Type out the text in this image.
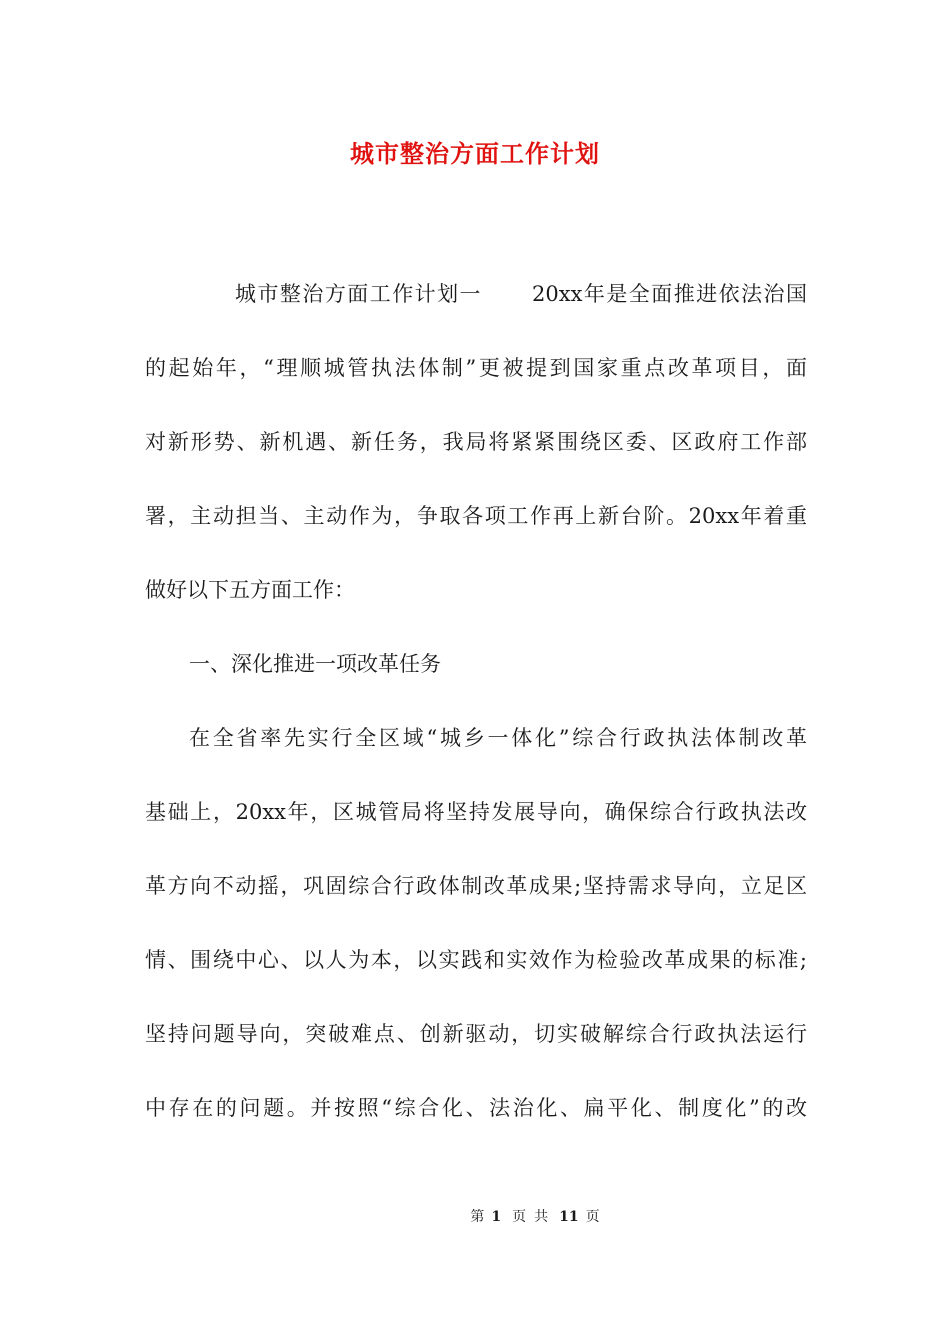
城市整治方面工作计划
城市整治方面工作计划一 20xx年是全面推进依法治国
的起始年，“理顺城管执法体制”更被提到国家重点改革项目，面
对新形势、新机遇、新任务，我局将紧紧围绕区委、区政府工作部
署，主动担当、主动作为，争取各项工作再上新台阶。20xx年着重
做好以下五方面工作：
一、深化推进一项改革任务
在全省率先实行全区域“城乡一体化”综合行政执法体制改革
基础上，20xx年，区城管局将坚持发展导向，确保综合行政执法改
革方向不动摇，巩固综合行政体制改革成果;坚持需求导向，立足区
情、围绕中心、以人为本，以实践和实效作为检验改革成果的标准;
坚持问题导向，突破难点、创新驱动，切实破解综合行政执法运行
中存在的问题。并按照“综合化、法治化、扁平化、制度化”的改
第 1 页 共 11 页
